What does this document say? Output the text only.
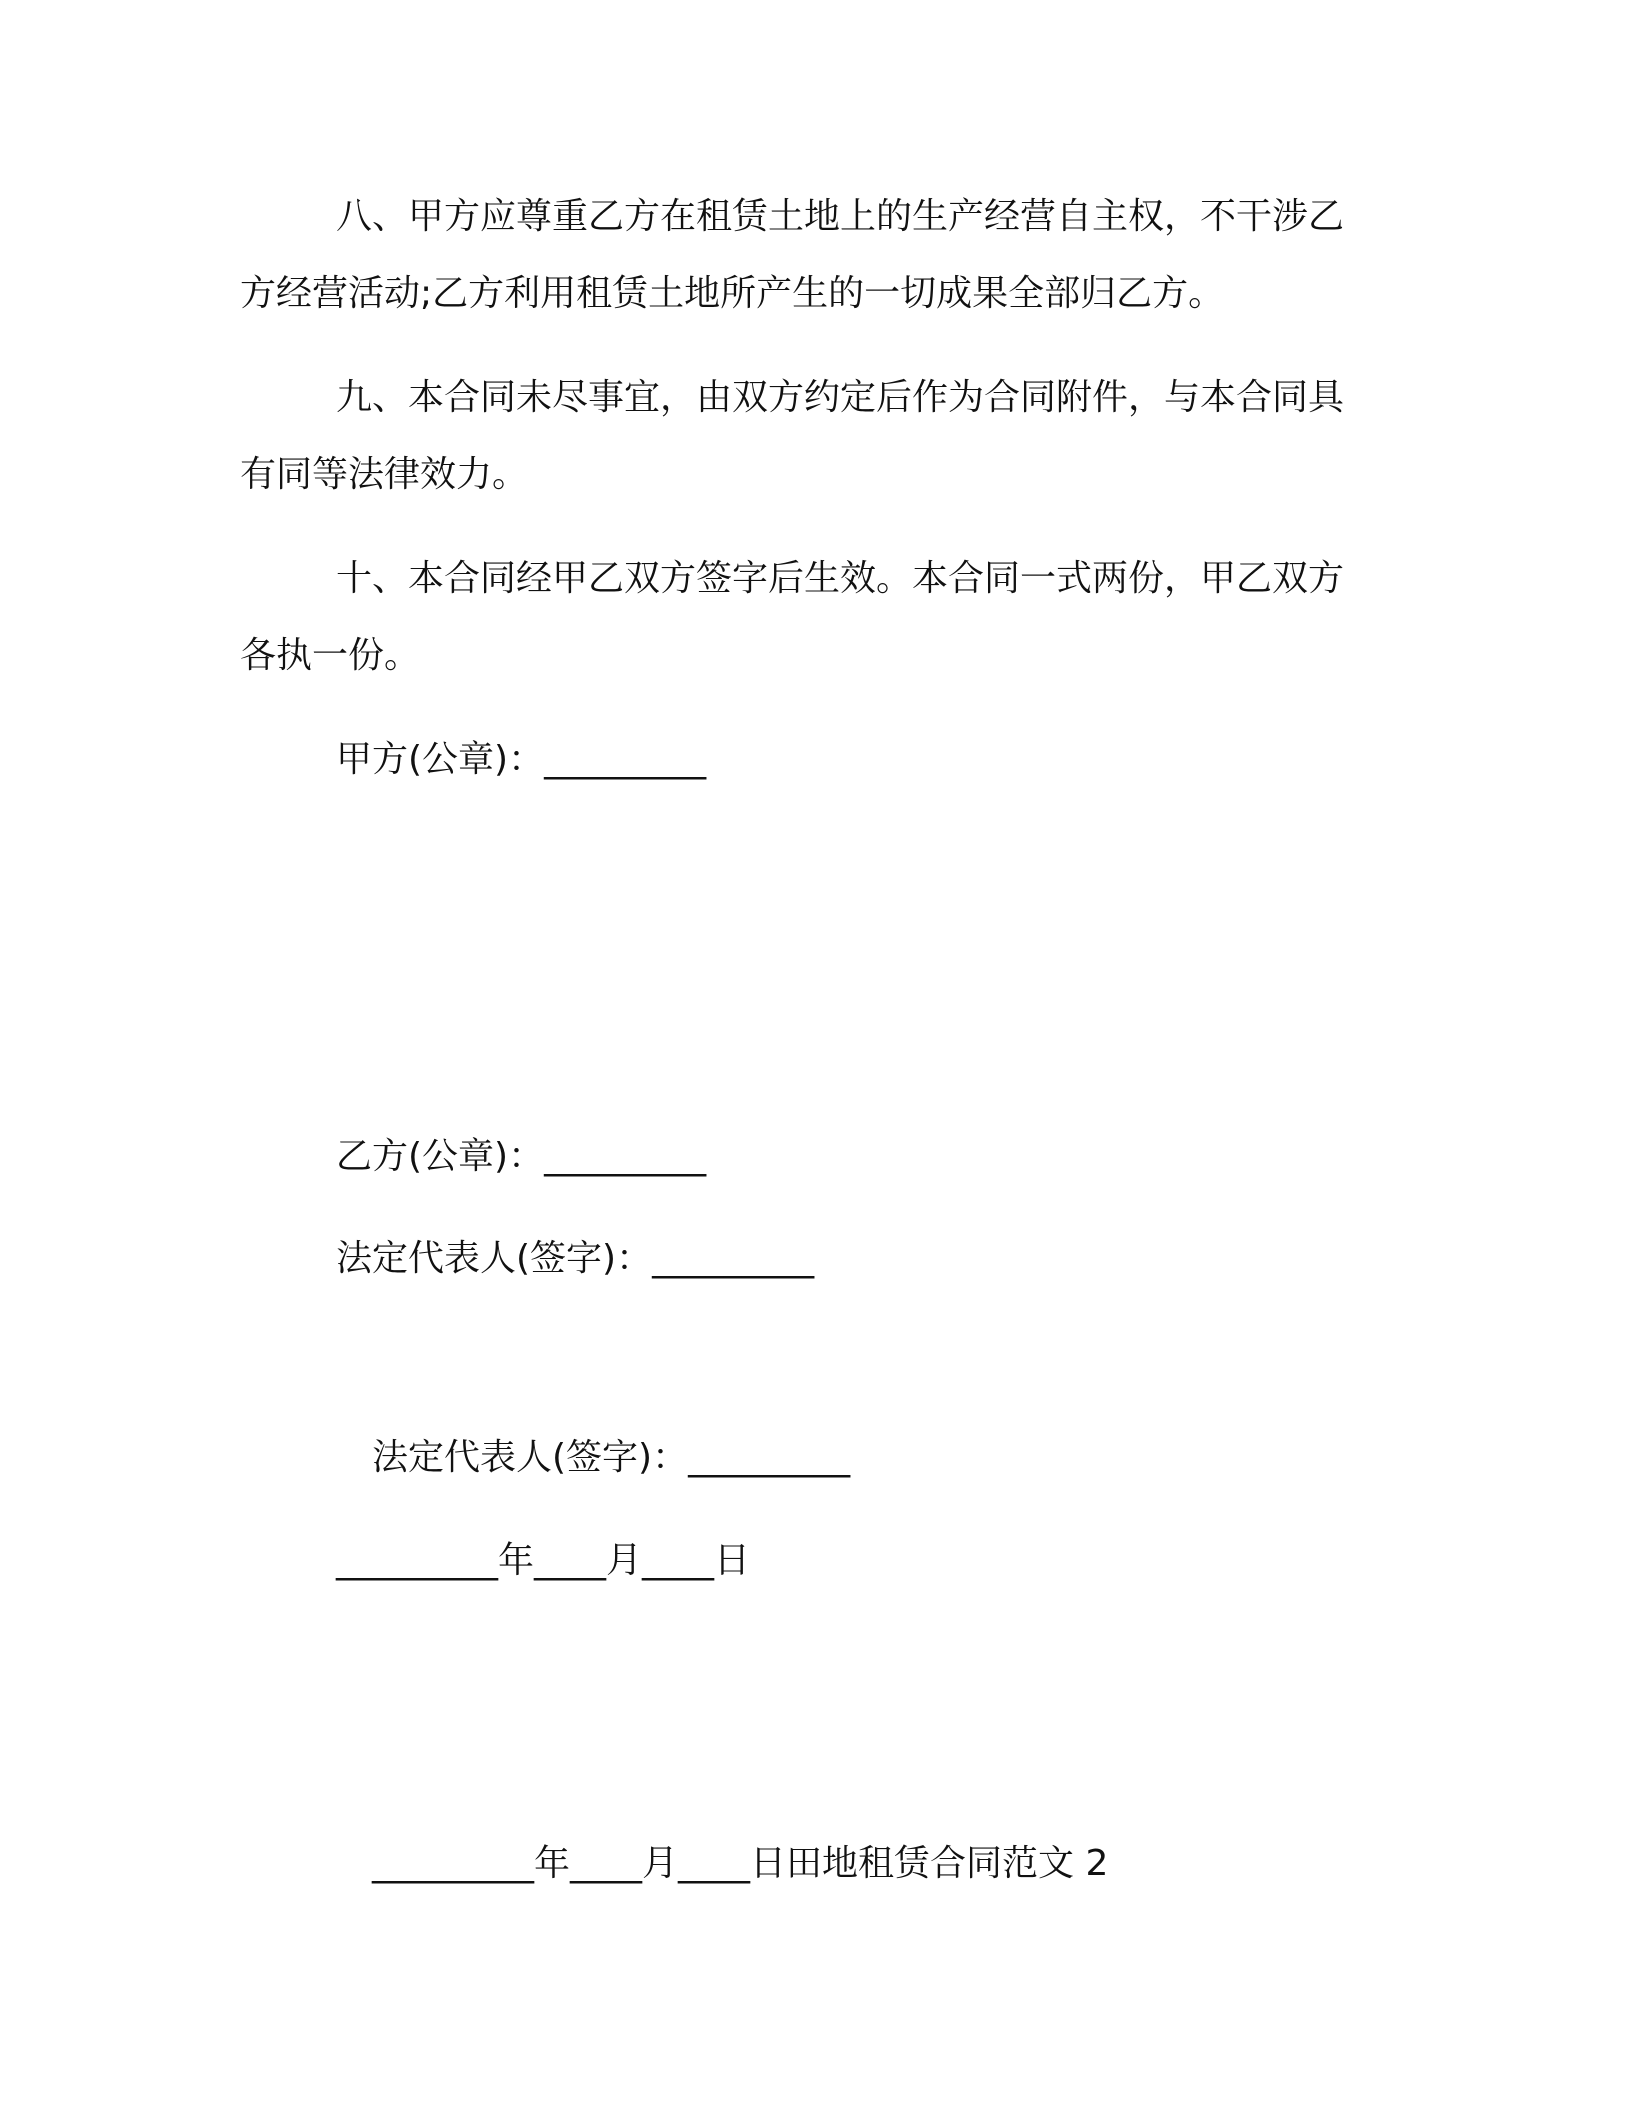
八、甲方应尊重乙方在租赁土地上的生产经营自主权，不干涉乙方经营活动;乙方利用租赁土地所产生的一切成果全部归乙方。

九、本合同未尽事宜，由双方约定后作为合同附件，与本合同具有同等法律效力。

十、本合同经甲乙双方签字后生效。本合同一式两份，甲乙双方各执一份。

甲方(公章)：_________
乙方(公章)：_________
法定代表人(签字)：_________
法定代表人(签字)：_________
_________年____月____日
_________年____月____日田地租赁合同范文 2
